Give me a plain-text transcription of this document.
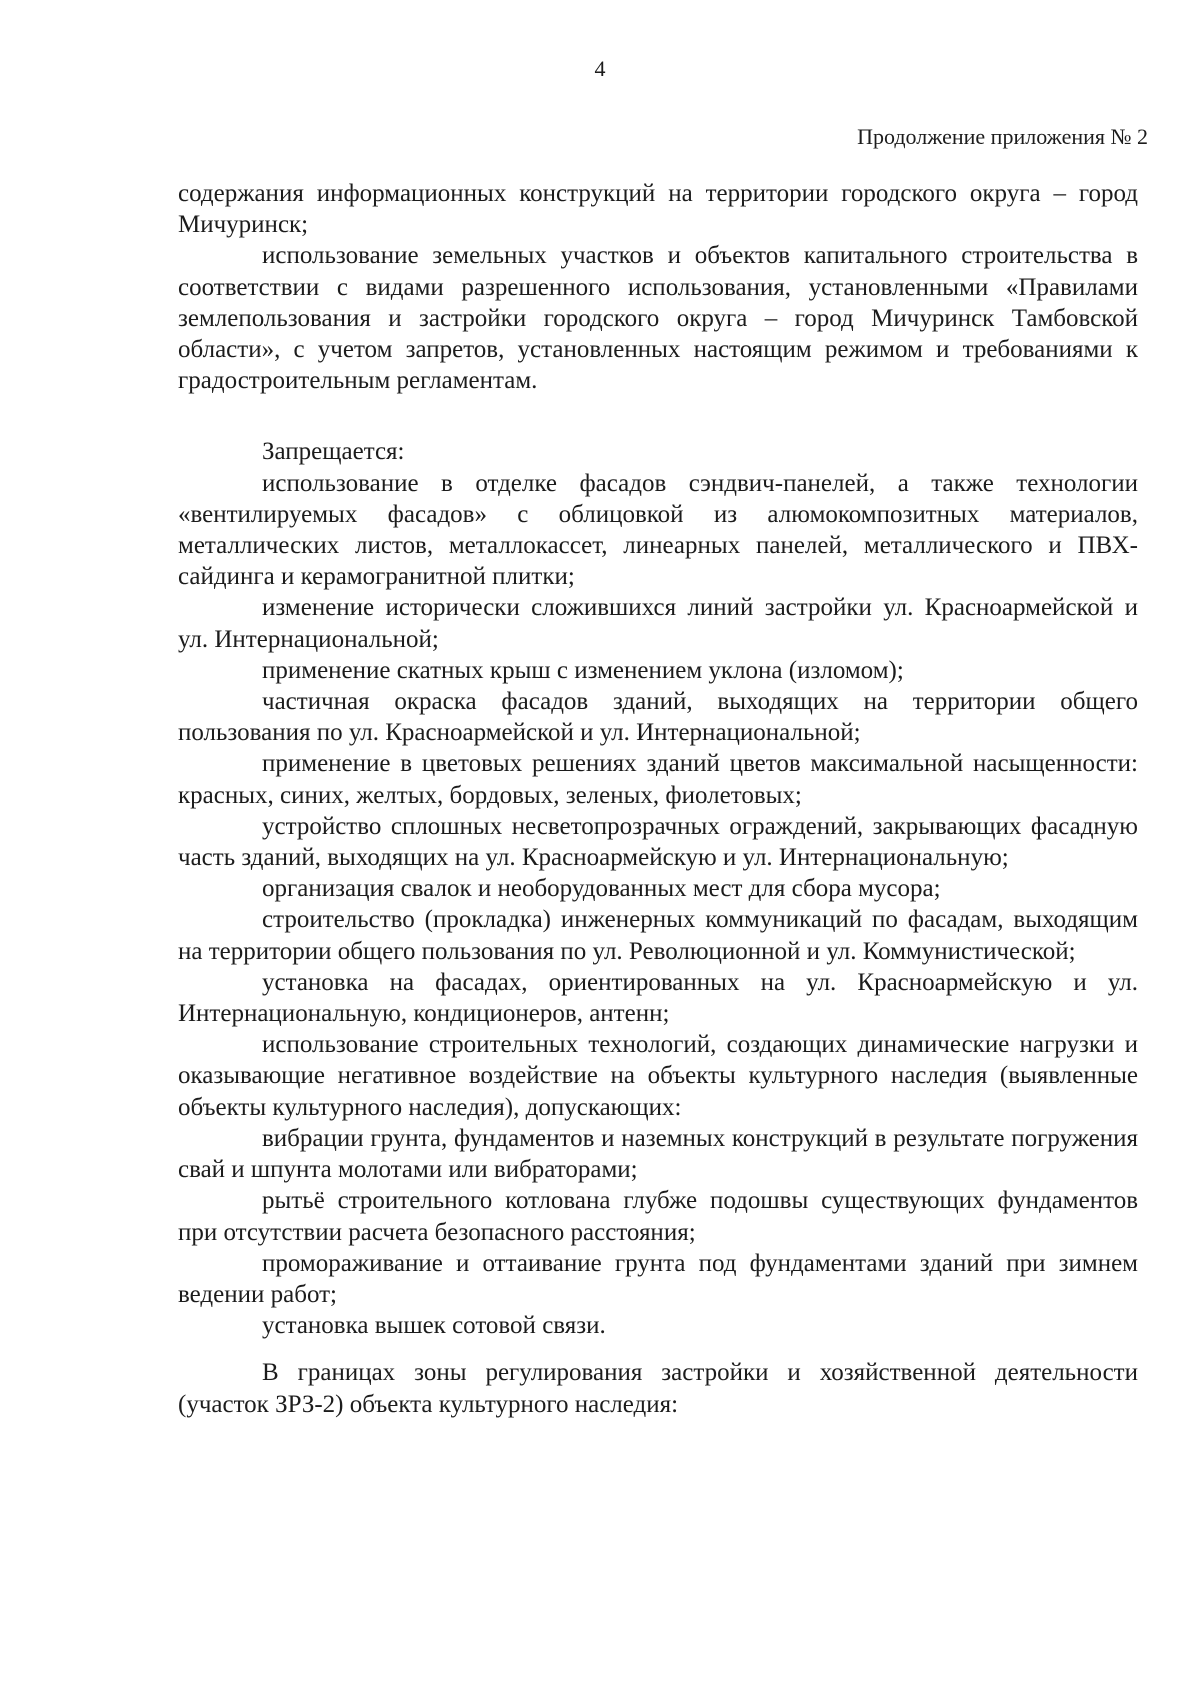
4
Продолжение приложения № 2

содержания информационных конструкций на территории городского округа – город Мичуринск;

использование земельных участков и объектов капитального строительства в соответствии с видами разрешенного использования, установленными «Правилами землепользования и застройки городского округа – город Мичуринск Тамбовской области», с учетом запретов, установленных настоящим режимом и требованиями к градостроительным регламентам.

Запрещается:

использование в отделке фасадов сэндвич-панелей, а также технологии «вентилируемых фасадов» с облицовкой из алюмокомпозитных материалов, металлических листов, металлокассет, линеарных панелей, металлического и ПВХ-сайдинга и керамогранитной плитки;

изменение исторически сложившихся линий застройки ул. Красноармейской и ул. Интернациональной;

применение скатных крыш с изменением уклона (изломом);

частичная окраска фасадов зданий, выходящих на территории общего пользования по ул. Красноармейской и ул. Интернациональной;

применение в цветовых решениях зданий цветов максимальной насыщенности: красных, синих, желтых, бордовых, зеленых, фиолетовых;

устройство сплошных несветопрозрачных ограждений, закрывающих фасадную часть зданий, выходящих на ул. Красноармейскую и ул. Интернациональную;

организация свалок и необорудованных мест для сбора мусора;

строительство (прокладка) инженерных коммуникаций по фасадам, выходящим на территории общего пользования по ул. Революционной и ул. Коммунистической;

установка на фасадах, ориентированных на ул. Красноармейскую и ул. Интернациональную, кондиционеров, антенн;

использование строительных технологий, создающих динамические нагрузки и оказывающие негативное воздействие на объекты культурного наследия (выявленные объекты культурного наследия), допускающих:

вибрации грунта, фундаментов и наземных конструкций в результате погружения свай и шпунта молотами или вибраторами;

рытьё строительного котлована глубже подошвы существующих фундаментов при отсутствии расчета безопасного расстояния;

промораживание и оттаивание грунта под фундаментами зданий при зимнем ведении работ;

установка вышек сотовой связи.

В границах зоны регулирования застройки и хозяйственной деятельности (участок ЗРЗ-2) объекта культурного наследия:
